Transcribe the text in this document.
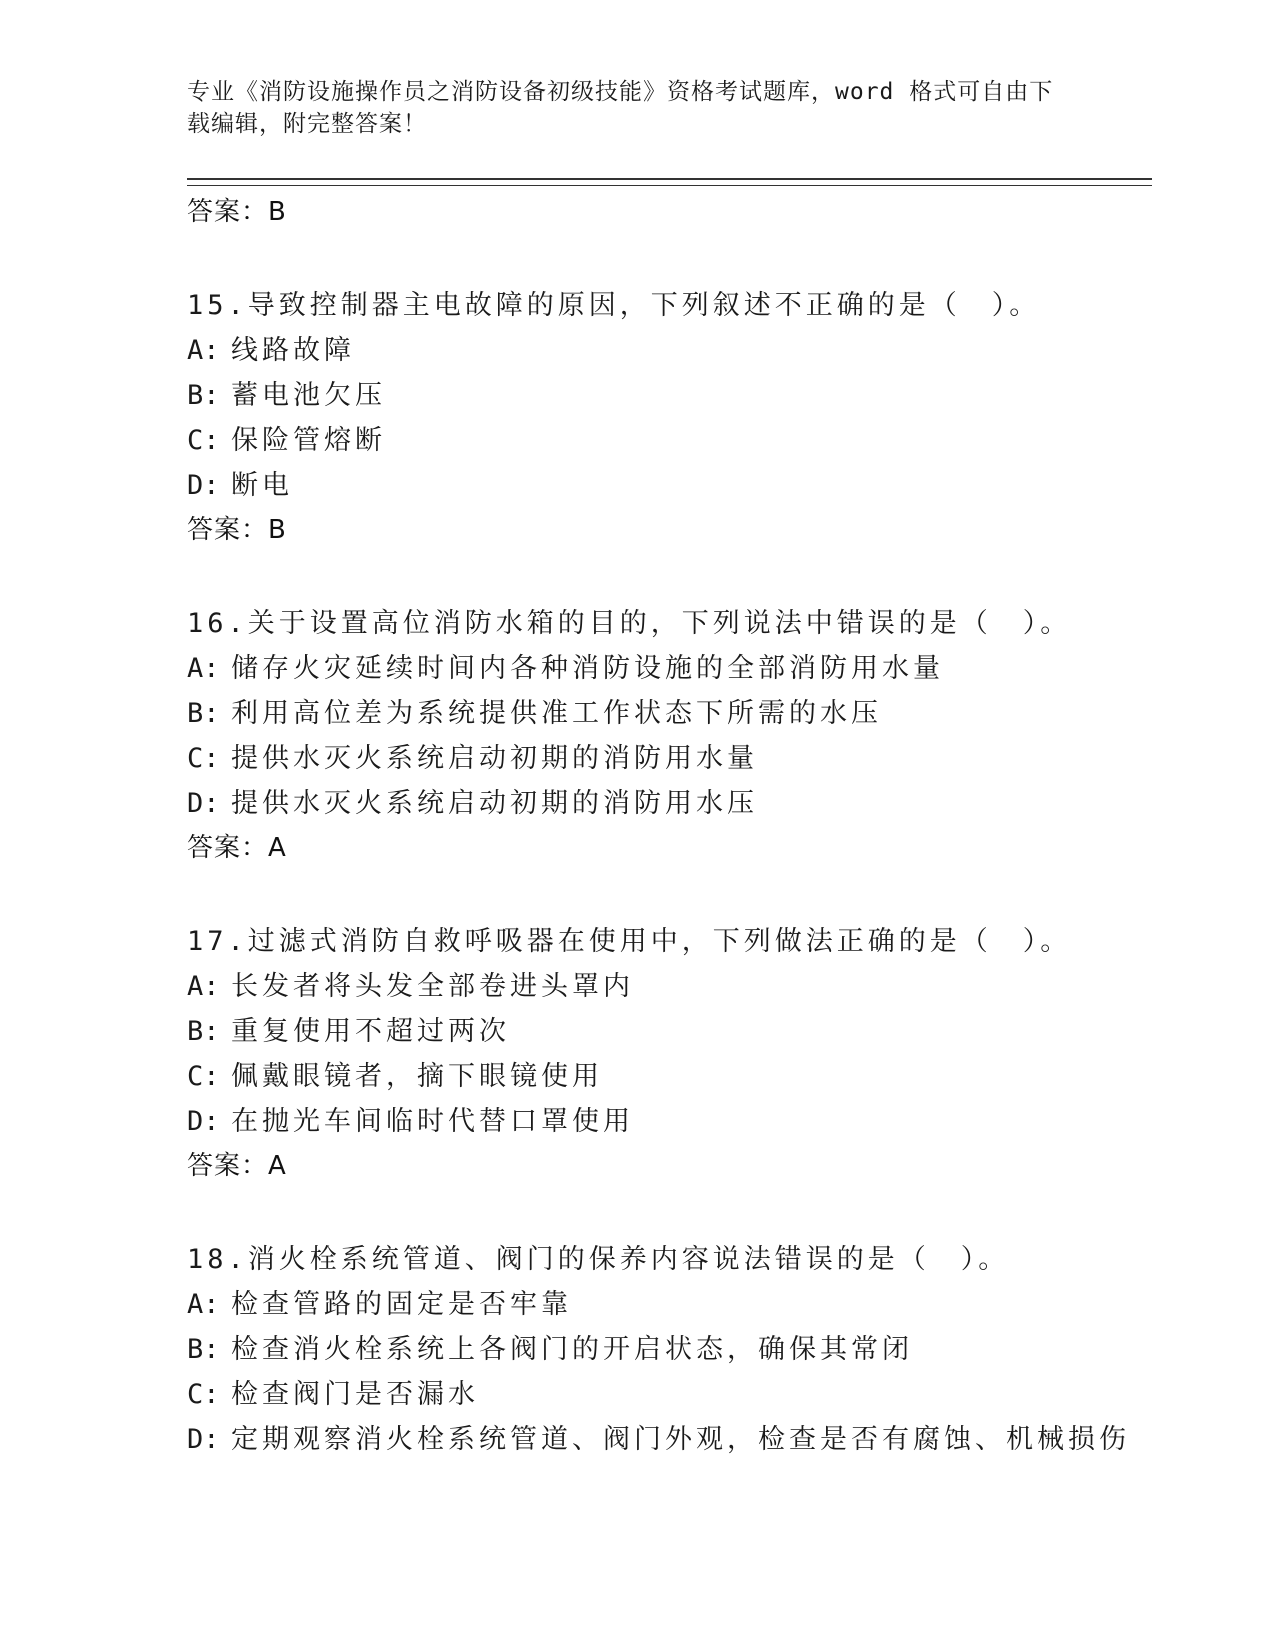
专业《消防设施操作员之消防设备初级技能》资格考试题库，word 格式可自由下
载编辑，附完整答案！
答案：B
15.导致控制器主电故障的原因，下列叙述不正确的是（　）。
A: 线路故障
B: 蓄电池欠压
C: 保险管熔断
D: 断电
答案：B
16.关于设置高位消防水箱的目的，下列说法中错误的是（　）。
A: 储存火灾延续时间内各种消防设施的全部消防用水量
B: 利用高位差为系统提供准工作状态下所需的水压
C: 提供水灭火系统启动初期的消防用水量
D: 提供水灭火系统启动初期的消防用水压
答案：A
17.过滤式消防自救呼吸器在使用中，下列做法正确的是（　）。
A: 长发者将头发全部卷进头罩内
B: 重复使用不超过两次
C: 佩戴眼镜者，摘下眼镜使用
D: 在抛光车间临时代替口罩使用
答案：A
18.消火栓系统管道、阀门的保养内容说法错误的是（　）。
A: 检查管路的固定是否牢靠
B: 检查消火栓系统上各阀门的开启状态，确保其常闭
C: 检查阀门是否漏水
D: 定期观察消火栓系统管道、阀门外观，检查是否有腐蚀、机械损伤
